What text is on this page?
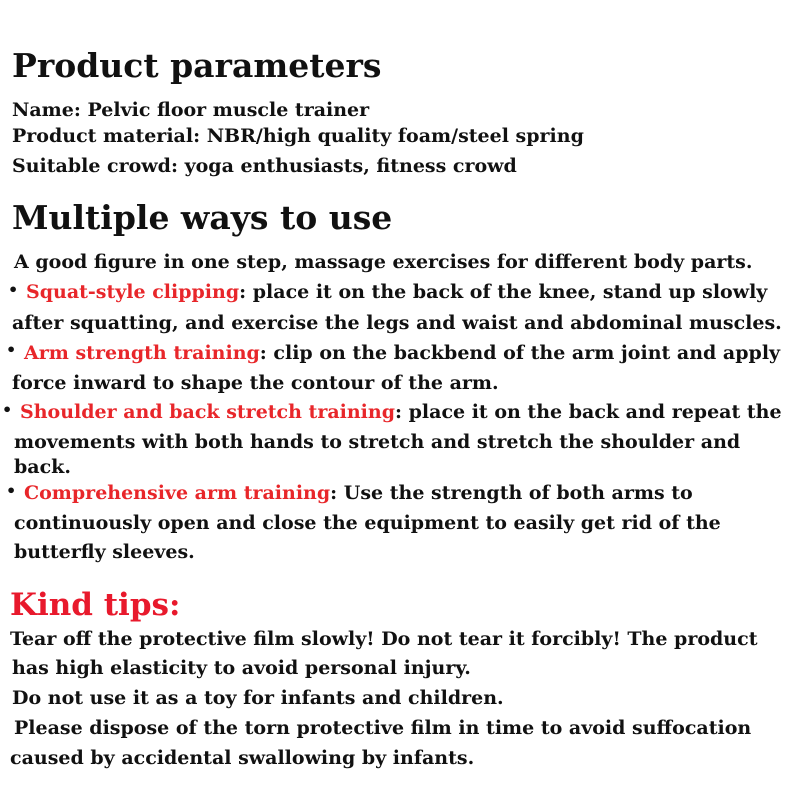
Product parameters

Name: Pelvic floor muscle trainer

Product material: NBR/high quality foam/steel spring

Suitable crowd: yoga enthusiasts, fitness crowd

Multiple ways to use

A good figure in one step, massage exercises for different body parts.

• Squat-style clipping: place it on the back of the knee, stand up slowly

after squatting, and exercise the legs and waist and abdominal muscles.

• Arm strength training: clip on the backbend of the arm joint and apply

force inward to shape the contour of the arm.

• Shoulder and back stretch training: place it on the back and repeat the

movements with both hands to stretch and stretch the shoulder and

back.

• Comprehensive arm training: Use the strength of both arms to

continuously open and close the equipment to easily get rid of the

butterfly sleeves.

Kind tips:

Tear off the protective film slowly! Do not tear it forcibly! The product

has high elasticity to avoid personal injury.

Do not use it as a toy for infants and children.

Please dispose of the torn protective film in time to avoid suffocation

caused by accidental swallowing by infants.
